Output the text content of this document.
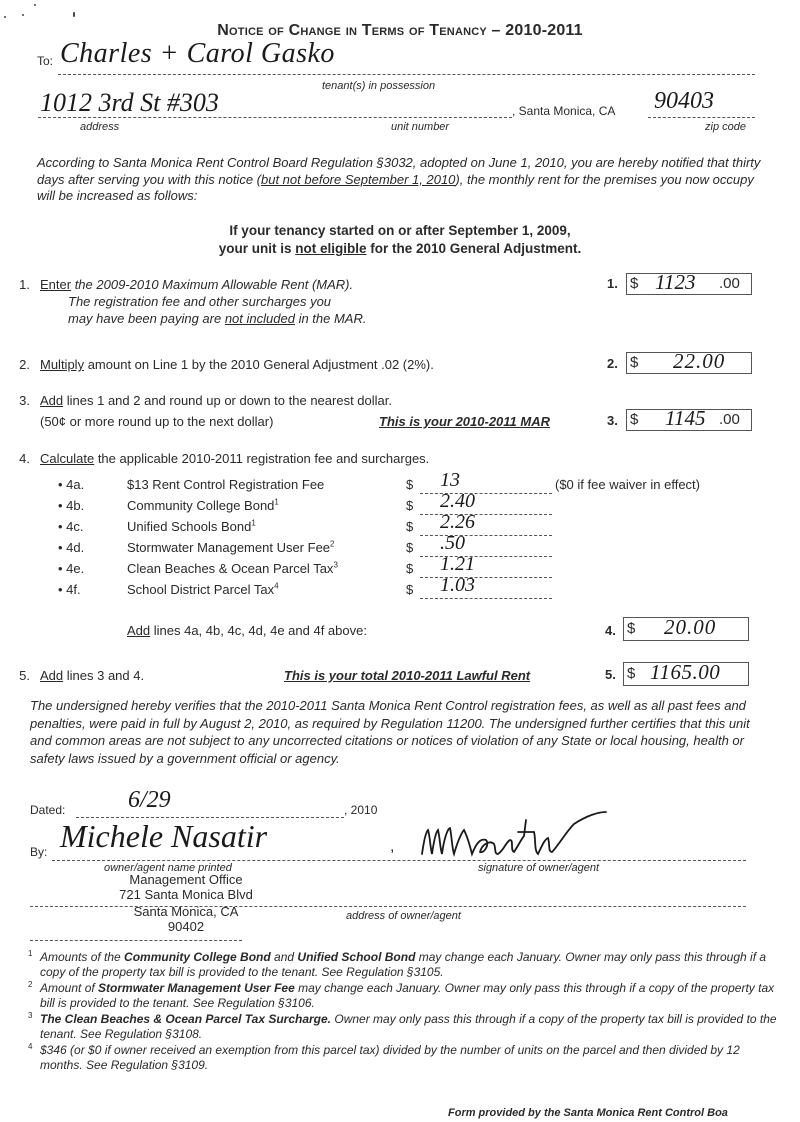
Notice of Change in Terms of Tenancy – 2010-2011
To: Charles + Carol Gasko
tenant(s) in possession
1012 3rd St #303	, Santa Monica, CA 90403
address	unit number	zip code

According to Santa Monica Rent Control Board Regulation §3032, adopted on June 1, 2010, you are hereby notified that thirty days after serving you with this notice (but not before September 1, 2010), the monthly rent for the premises you now occupy will be increased as follows:

If your tenancy started on or after September 1, 2009,
your unit is not eligible for the 2010 General Adjustment.
1. Enter the 2009-2010 Maximum Allowable Rent (MAR).
The registration fee and other surcharges you
may have been paying are not included in the MAR.
1. $ 1123 .00
2. Multiply amount on Line 1 by the 2010 General Adjustment .02 (2%).	2. $ 22.00
3. Add lines 1 and 2 and round up or down to the nearest dollar.
(50¢ or more round up to the next dollar)	This is your 2010-2011 MAR	3. $ 1145 .00
4. Calculate the applicable 2010-2011 registration fee and surcharges.
• 4a.	$13 Rent Control Registration Fee	$ 13	($0 if fee waiver in effect)
• 4b.	Community College Bond$^1$	$ 2.40
• 4c.	Unified Schools Bond$^1$	$ 2.26
• 4d.	Stormwater Management User Fee$^2$	$ .50
• 4e.	Clean Beaches & Ocean Parcel Tax$^3$	$ 1.21
• 4f.	School District Parcel Tax$^4$	$ 1.03
Add lines 4a, 4b, 4c, 4d, 4e and 4f above:	4. $ 20.00
5. Add lines 3 and 4.	This is your total 2010-2011 Lawful Rent	5. $ 1165.00

The undersigned hereby verifies that the 2010-2011 Santa Monica Rent Control registration fees, as well as all past fees and penalties, were paid in full by August 2, 2010, as required by Regulation 11200. The undersigned further certifies that this unit and common areas are not subject to any uncorrected citations or notices of violation of any State or local housing, health or safety laws issued by a government official or agency.

Dated:	6/29	, 2010
By: Michele Nasatir	,
owner/agent name printed	signature of owner/agent
Management Office
721 Santa Monica Blvd
Santa Monica, CA
90402
address of owner/agent
1 Amounts of the Community College Bond and Unified School Bond may change each January. Owner may only pass this through if a copy of the property tax bill is provided to the tenant. See Regulation §3105.
2 Amount of Stormwater Management User Fee may change each January. Owner may only pass this through if a copy of the property tax bill is provided to the tenant. See Regulation §3106.
3 The Clean Beaches & Ocean Parcel Tax Surcharge. Owner may only pass this through if a copy of the property tax bill is provided to the tenant. See Regulation §3108.
4 $346 (or $0 if owner received an exemption from this parcel tax) divided by the number of units on the parcel and then divided by 12 months. See Regulation §3109.
Form provided by the Santa Monica Rent Control Boa
